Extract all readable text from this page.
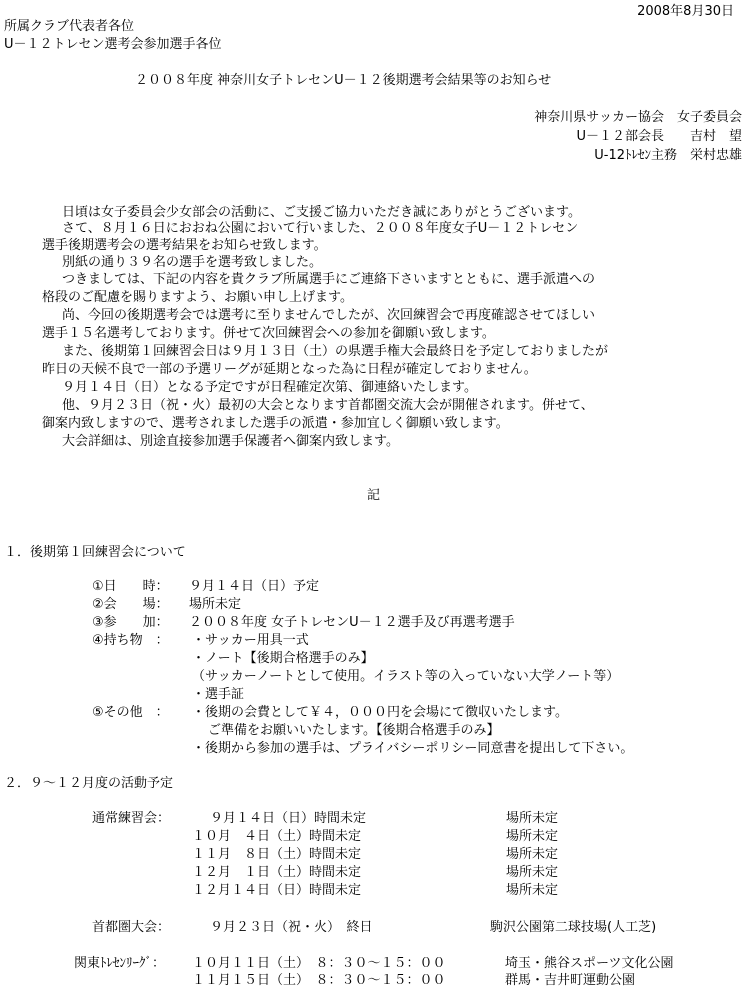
2008年8月30日
所属クラブ代表者各位
U－１２トレセン選考会参加選手各位
２００８年度 神奈川女子トレセンU－１２後期選考会結果等のお知らせ
神奈川県サッカー協会　女子委員会
U－１２部会長　　吉村　望
U-12ﾄﾚｾﾝ主務　栄村忠雄
日頃は女子委員会少女部会の活動に、ご支援ご協力いただき誠にありがとうございます。
さて、８月１６日におおね公園において行いました、２００８年度女子U－１２トレセン
選手後期選考会の選考結果をお知らせ致します。
別紙の通り３９名の選手を選考致しました。
つきましては、下記の内容を貴クラブ所属選手にご連絡下さいますとともに、選手派遣への
格段のご配慮を賜りますよう、お願い申し上げます。
尚、今回の後期選考会では選考に至りませんでしたが、次回練習会で再度確認させてほしい
選手１５名選考しております。併せて次回練習会への参加を御願い致します。
また、後期第１回練習会日は９月１３日（土）の県選手権大会最終日を予定しておりましたが
昨日の天候不良で一部の予選リーグが延期となった為に日程が確定しておりません。
９月１４日（日）となる予定ですが日程確定次第、御連絡いたします。
他、９月２３日（祝・火）最初の大会となります首都圏交流大会が開催されます。併せて、
御案内致しますので、選考されました選手の派遣・参加宜しく御願い致します。
大会詳細は、別途直接参加選手保護者へ御案内致します。
記
１．後期第１回練習会について
①日　　時： ９月１４日（日）予定
②会　　場： 場所未定
③参　　加： ２００８年度 女子トレセンU－１２選手及び再選考選手
④持ち物　： ・サッカー用具一式
・ノート【後期合格選手のみ】
（サッカーノートとして使用。イラスト等の入っていない大学ノート等）
・選手証
⑤その他　： ・後期の会費として￥４，０００円を会場にて徴収いたします。
ご準備をお願いいたします。【後期合格選手のみ】
・後期から参加の選手は、プライバシーポリシー同意書を提出して下さい。
２．９～１２月度の活動予定
通常練習会：	９月１４日（日）時間未定	場所未定
１０月　４日（土）時間未定	場所未定
１１月　８日（土）時間未定	場所未定
１２月　１日（土）時間未定	場所未定
１２月１４日（日）時間未定	場所未定
首都圏大会：	９月２３日（祝・火）　終日	駒沢公園第二球技場(人工芝)
関東ﾄﾚｾﾝﾘｰｸﾞ： １０月１１日（土）　８：３０～１５：００	埼玉・熊谷スポーツ文化公園
１１月１５日（土）　８：３０～１５：００	群馬・吉井町運動公園
